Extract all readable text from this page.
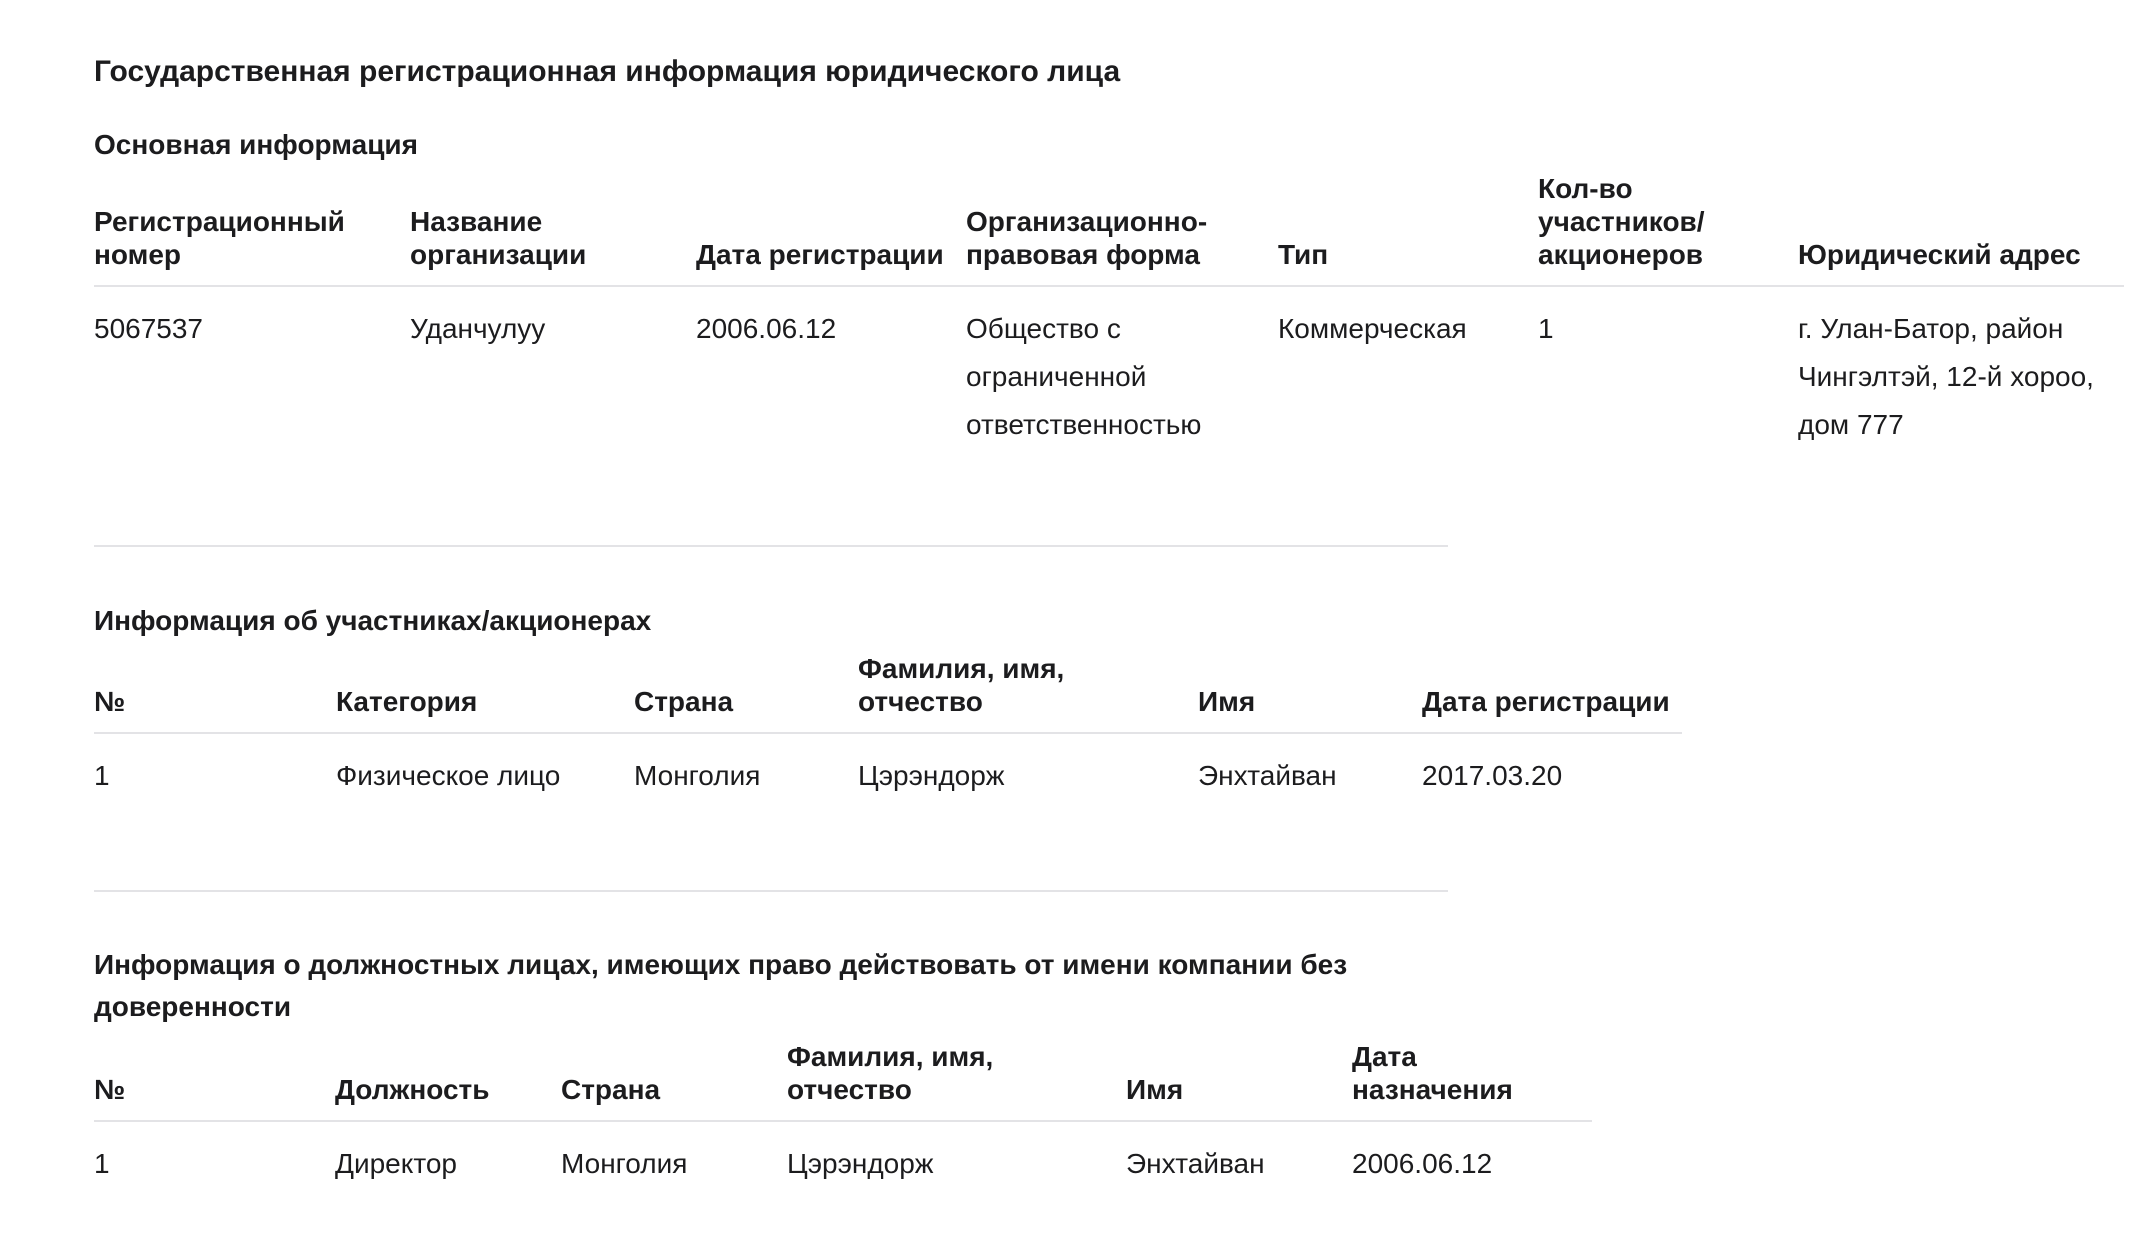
Государственная регистрационная информация юридического лица
Основная информация
Регистрационный номер	Название организации	Дата регистрации	Организационно-правовая форма	Тип	Кол-во участников/ акционеров	Юридический адрес
5067537	Уданчулуу	2006.06.12	Общество с ограниченной ответственностью	Коммерческая	1	г. Улан-Батор, район Чингэлтэй, 12-й хороо, дом 777
Информация об участниках/акционерах
№	Категория	Страна	Фамилия, имя, отчество	Имя	Дата регистрации
1	Физическое лицо	Монголия	Цэрэндорж	Энхтайван	2017.03.20
Информация о должностных лицах, имеющих право действовать от имени компании без доверенности
№	Должность	Страна	Фамилия, имя, отчество	Имя	Дата назначения
1	Директор	Монголия	Цэрэндорж	Энхтайван	2006.06.12
